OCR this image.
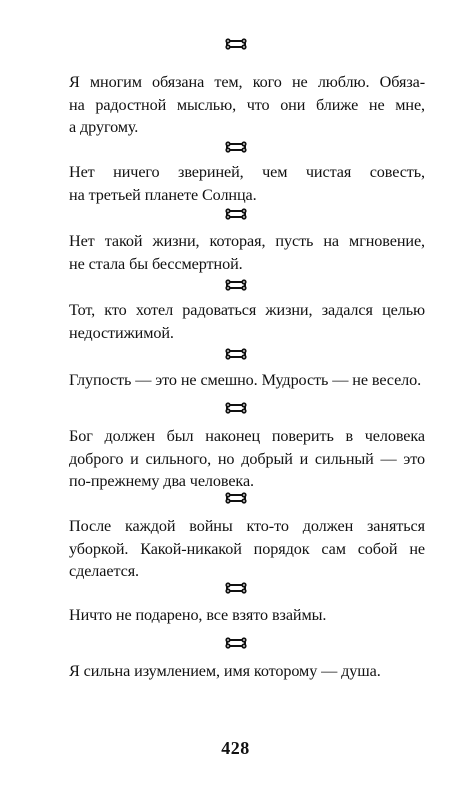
Я многим обязана тем, кого не люблю. Обяза-
на радостной мыслью, что они ближе не мне,
а другому.
Нет ничего звериней, чем чистая совесть,
на третьей планете Солнца.
Нет такой жизни, которая, пусть на мгновение,
не стала бы бессмертной.
Тот, кто хотел радоваться жизни, задался целью
недостижимой.
Глупость — это не смешно. Мудрость — не весело.
Бог должен был наконец поверить в человека
доброго и сильного, но добрый и сильный — это
по-прежнему два человека.
После каждой войны кто-то должен заняться
уборкой. Какой-никакой порядок сам собой не
сделается.
Ничто не подарено, все взято взаймы.
Я сильна изумлением, имя которому — душа.
428
